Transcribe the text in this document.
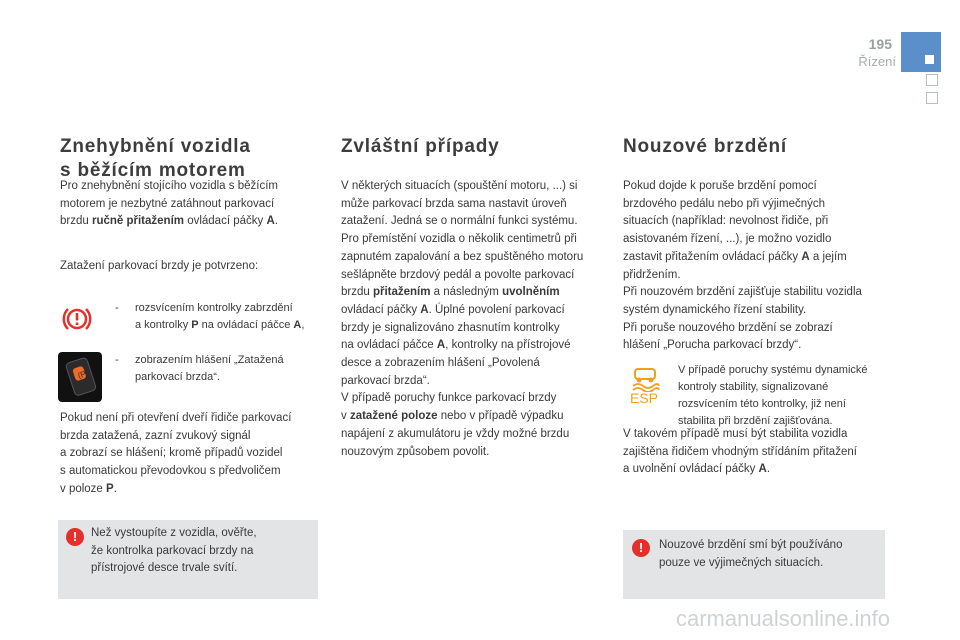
195
Řízení
Znehybnění vozidla
s běžícím motorem
Pro znehybnění stojícího vozidla s běžícím
motorem je nezbytné zatáhnout parkovací
brzdu ručně přitažením ovládací páčky A.
Zatažení parkovací brzdy je potvrzeno:
- rozsvícením kontrolky zabrzdění
a kontrolky P na ovládací páčce A,
(P)
- zobrazením hlášení „Zatažená
parkovací brzda“.
Pokud není při otevření dveří řidiče parkovací
brzda zatažená, zazní zvukový signál
a zobrazí se hlášení; kromě případů vozidel
s automatickou převodovkou s předvoličem
v poloze P.
!	Než vystoupíte z vozidla, ověřte,
že kontrolka parkovací brzdy na
přístrojové desce trvale svítí.
Zvláštní případy
V některých situacích (spouštění motoru, ...) si
může parkovací brzda sama nastavit úroveň
zatažení. Jedná se o normální funkci systému.
Pro přemístění vozidla o několik centimetrů při
zapnutém zapalování a bez spuštěného motoru
sešlápněte brzdový pedál a povolte parkovací
brzdu přitažením a následným uvolněním
ovládací páčky A. Úplné povolení parkovací
brzdy je signalizováno zhasnutím kontrolky
na ovládací páčce A, kontrolky na přístrojové
desce a zobrazením hlášení „Povolená
parkovací brzda“.
V případě poruchy funkce parkovací brzdy
v zatažené poloze nebo v případě výpadku
napájení z akumulátoru je vždy možné brzdu
nouzovým způsobem povolit.
Nouzové brzdění
Pokud dojde k poruše brzdění pomocí
brzdového pedálu nebo při výjimečných
situacích (například: nevolnost řidiče, při
asistovaném řízení, ...), je možno vozidlo
zastavit přitažením ovládací páčky A a jejím
přidržením.
Při nouzovém brzdění zajišťuje stabilitu vozidla
systém dynamického řízení stability.
Při poruše nouzového brzdění se zobrazí
hlášení „Porucha parkovací brzdy“.
ESP
V případě poruchy systému dynamické
kontroly stability, signalizované
rozsvícením této kontrolky, již není
stabilita při brzdění zajišťována.
V takovém případě musí být stabilita vozidla
zajištěna řidičem vhodným střídáním přitažení
a uvolnění ovládací páčky A.
!	Nouzové brzdění smí být používáno
pouze ve výjimečných situacích.
carmanualsonline.info
